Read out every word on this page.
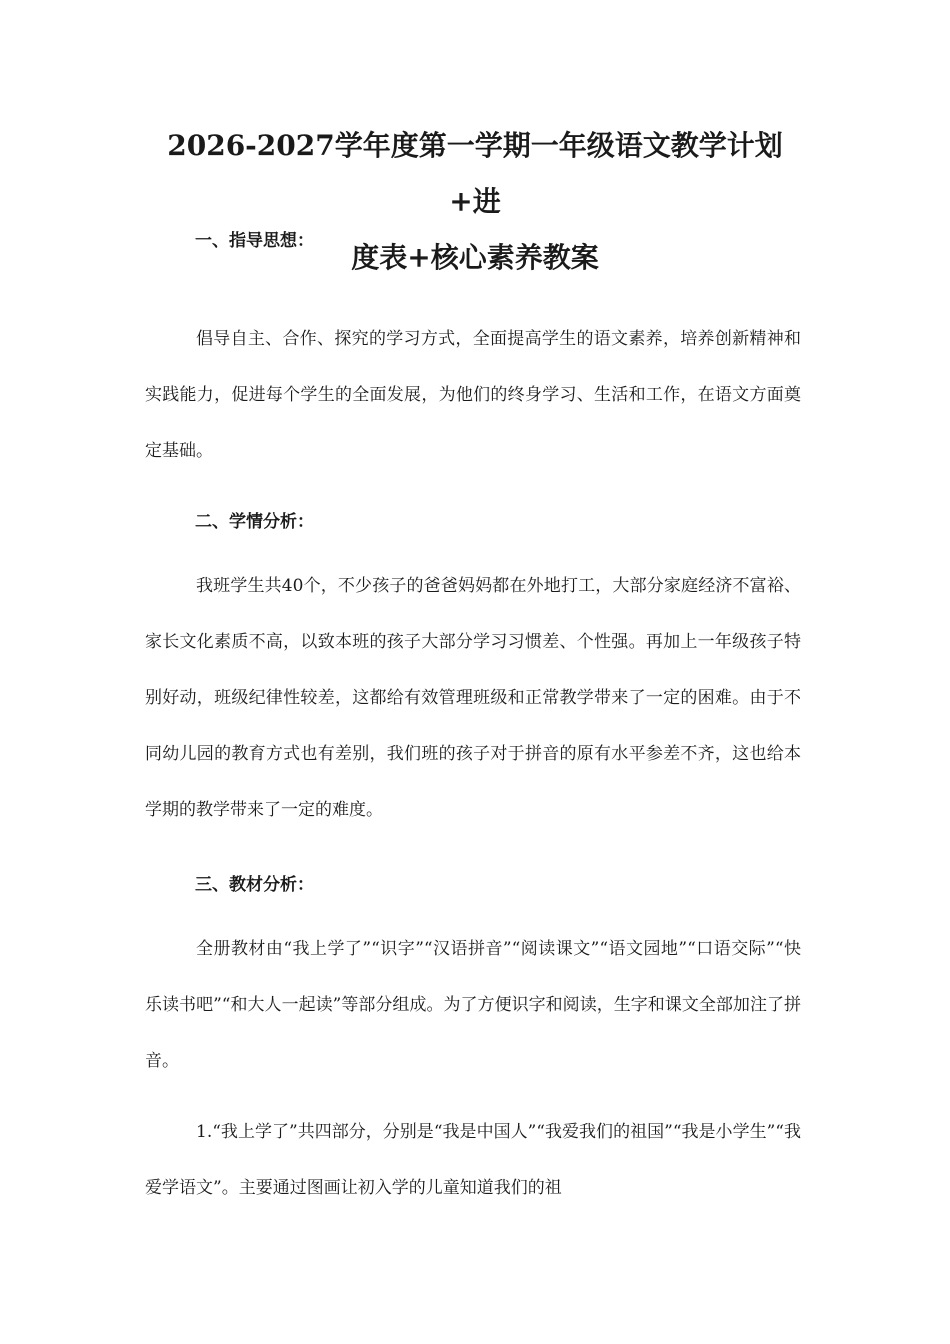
2026-2027学年度第一学期一年级语文教学计划+进
度表+核心素养教案
一、指导思想：
倡导自主、合作、探究的学习方式，全面提高学生的语文素养，培养创新精神和实践能力，促进每个学生的全面发展，为他们的终身学习、生活和工作，在语文方面奠定基础。
二、学情分析：
我班学生共40个，不少孩子的爸爸妈妈都在外地打工，大部分家庭经济不富裕、家长文化素质不高，以致本班的孩子大部分学习习惯差、个性强。再加上一年级孩子特别好动，班级纪律性较差，这都给有效管理班级和正常教学带来了一定的困难。由于不同幼儿园的教育方式也有差别，我们班的孩子对于拼音的原有水平参差不齐，这也给本学期的教学带来了一定的难度。
三、教材分析：
全册教材由“我上学了”“识字”“汉语拼音”“阅读课文”“语文园地”“口语交际”“快乐读书吧”“和大人一起读”等部分组成。为了方便识字和阅读，生字和课文全部加注了拼音。
1.“我上学了”共四部分，分别是“我是中国人”“我爱我们的祖国”“我是小学生”“我爱学语文”。主要通过图画让初入学的儿童知道我们的祖
